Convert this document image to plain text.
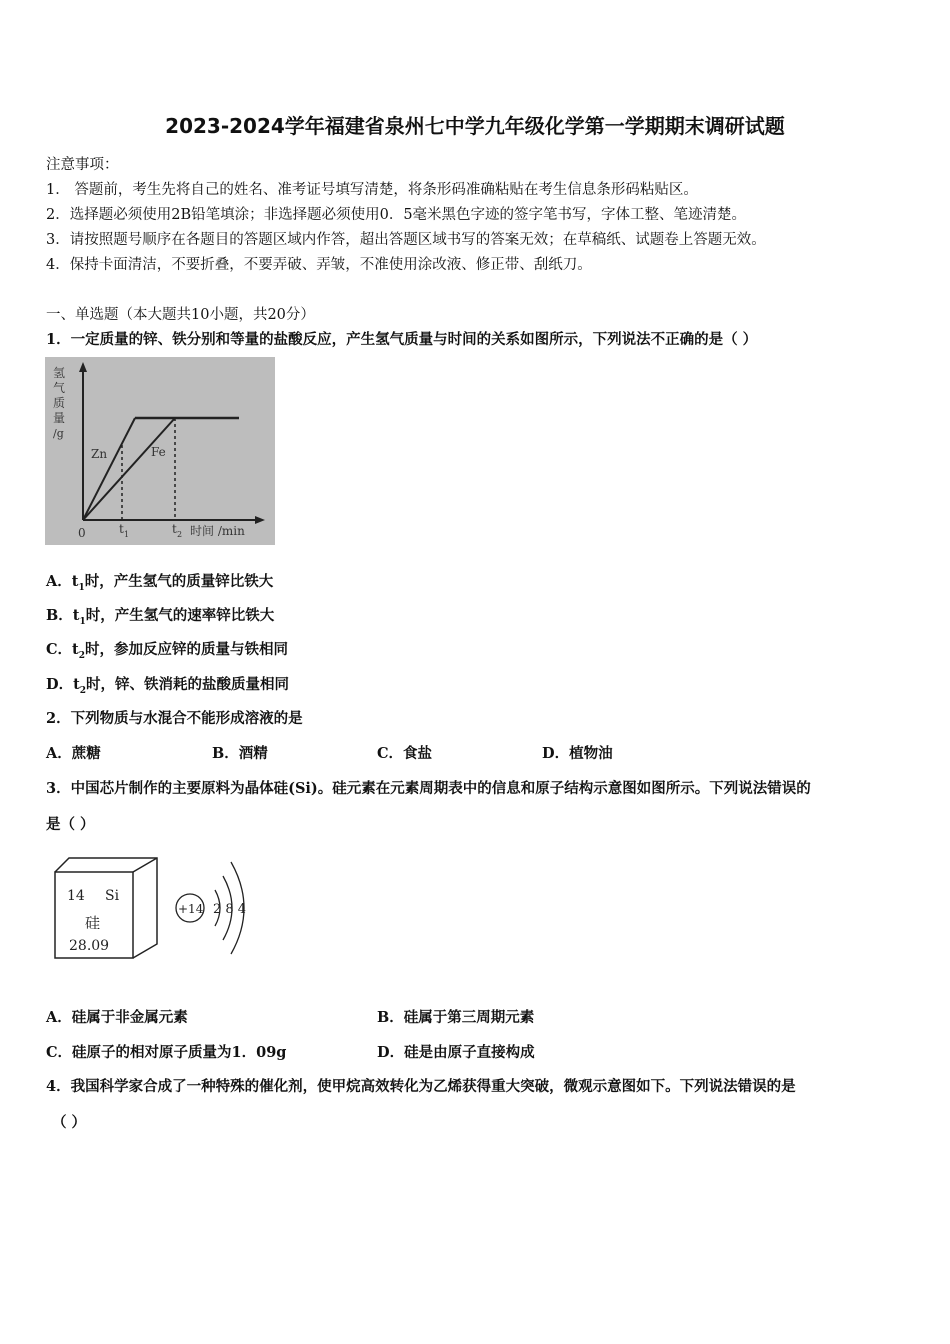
2023-2024学年福建省泉州七中学九年级化学第一学期期末调研试题
注意事项：
1． 答题前，考生先将自己的姓名、准考证号填写清楚，将条形码准确粘贴在考生信息条形码粘贴区。
2．选择题必须使用2B铅笔填涂；非选择题必须使用0．5毫米黑色字迹的签字笔书写，字体工整、笔迹清楚。
3．请按照题号顺序在各题目的答题区域内作答，超出答题区域书写的答案无效；在草稿纸、试题卷上答题无效。
4．保持卡面清洁，不要折叠，不要弄破、弄皱，不准使用涂改液、修正带、刮纸刀。
一、单选题（本大题共10小题，共20分）
1．一定质量的锌、铁分别和等量的盐酸反应，产生氢气质量与时间的关系如图所示，下列说法不正确的是（ ）
氢
气
质
量
/g
Zn	Fe
0	t 1	t 2 时间 /min
A．$t_1$时，产生氢气的质量锌比铁大
B．$t_1$时，产生氢气的速率锌比铁大
C．$t_2$时，参加反应锌的质量与铁相同
D．$t_2$时，锌、铁消耗的盐酸质量相同
2．下列物质与水混合不能形成溶液的是
A．蔗糖	B．酒精	C．食盐	D．植物油
3．中国芯片制作的主要原料为晶体硅(Si)。硅元素在元素周期表中的信息和原子结构示意图如图所示。下列说法错误的
是（ ）
14 Si
硅
28.09
+14 2 8 4
A．硅属于非金属元素	B．硅属于第三周期元素
C．硅原子的相对原子质量为1．09g	D．硅是由原子直接构成
4．我国科学家合成了一种特殊的催化剂，使甲烷高效转化为乙烯获得重大突破，微观示意图如下。下列说法错误的是
（ ）
